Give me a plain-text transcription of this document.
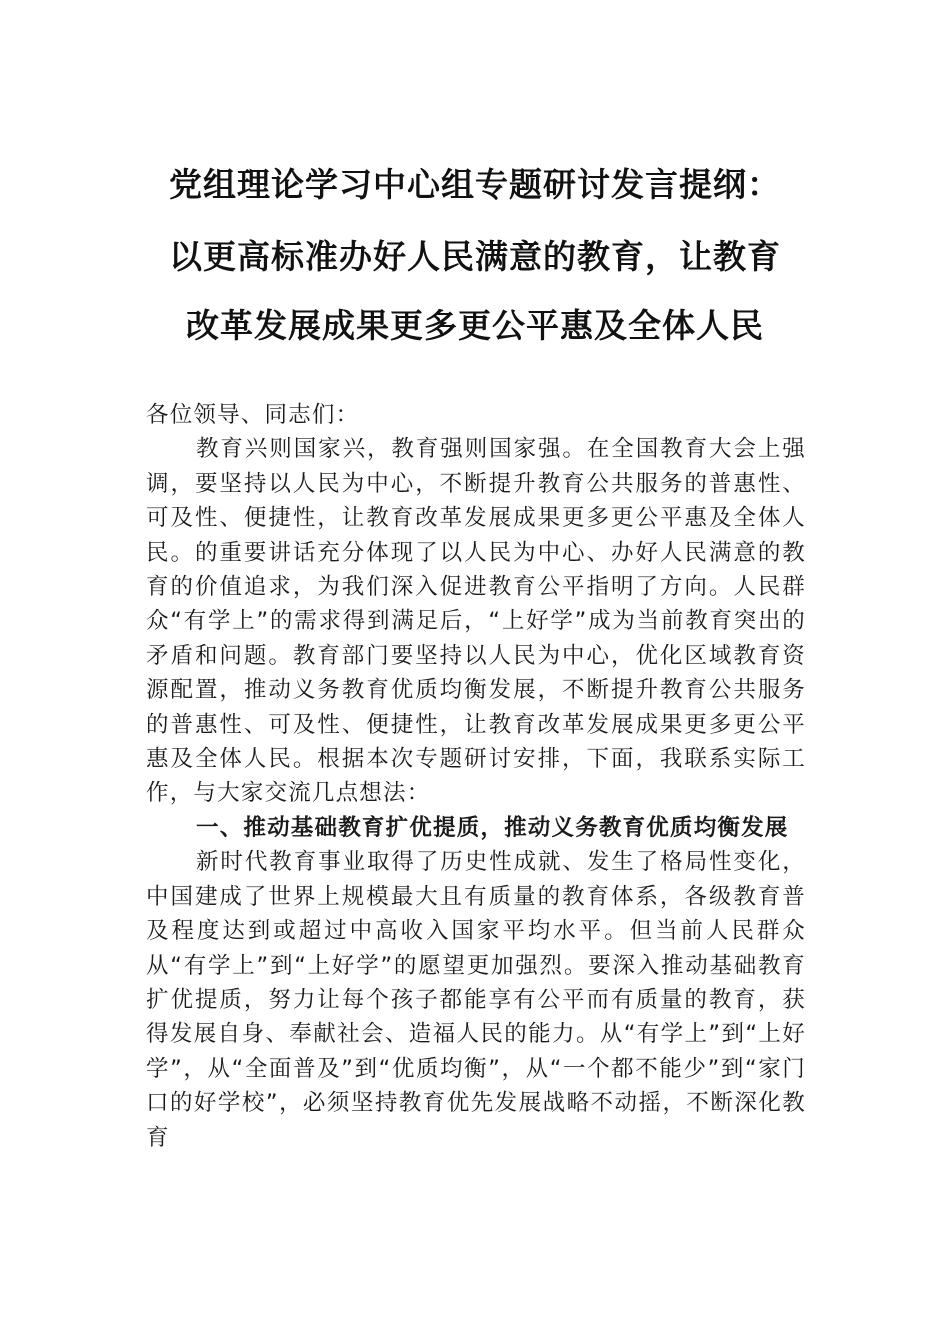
党组理论学习中心组专题研讨发言提纲：
以更高标准办好人民满意的教育，让教育
改革发展成果更多更公平惠及全体人民

各位领导、同志们：

教育兴则国家兴，教育强则国家强。在全国教育大会上强调，要坚持以人民为中心，不断提升教育公共服务的普惠性、可及性、便捷性，让教育改革发展成果更多更公平惠及全体人民。的重要讲话充分体现了以人民为中心、办好人民满意的教育的价值追求，为我们深入促进教育公平指明了方向。人民群众“有学上”的需求得到满足后，“上好学”成为当前教育突出的矛盾和问题。教育部门要坚持以人民为中心，优化区域教育资源配置，推动义务教育优质均衡发展，不断提升教育公共服务的普惠性、可及性、便捷性，让教育改革发展成果更多更公平惠及全体人民。根据本次专题研讨安排，下面，我联系实际工作，与大家交流几点想法：

一、推动基础教育扩优提质，推动义务教育优质均衡发展

新时代教育事业取得了历史性成就、发生了格局性变化，中国建成了世界上规模最大且有质量的教育体系，各级教育普及程度达到或超过中高收入国家平均水平。但当前人民群众从“有学上”到“上好学”的愿望更加强烈。要深入推动基础教育扩优提质，努力让每个孩子都能享有公平而有质量的教育，获得发展自身、奉献社会、造福人民的能力。从“有学上”到“上好学”，从“全面普及”到“优质均衡”，从“一个都不能少”到“家门口的好学校”，必须坚持教育优先发展战略不动摇，不断深化教育
